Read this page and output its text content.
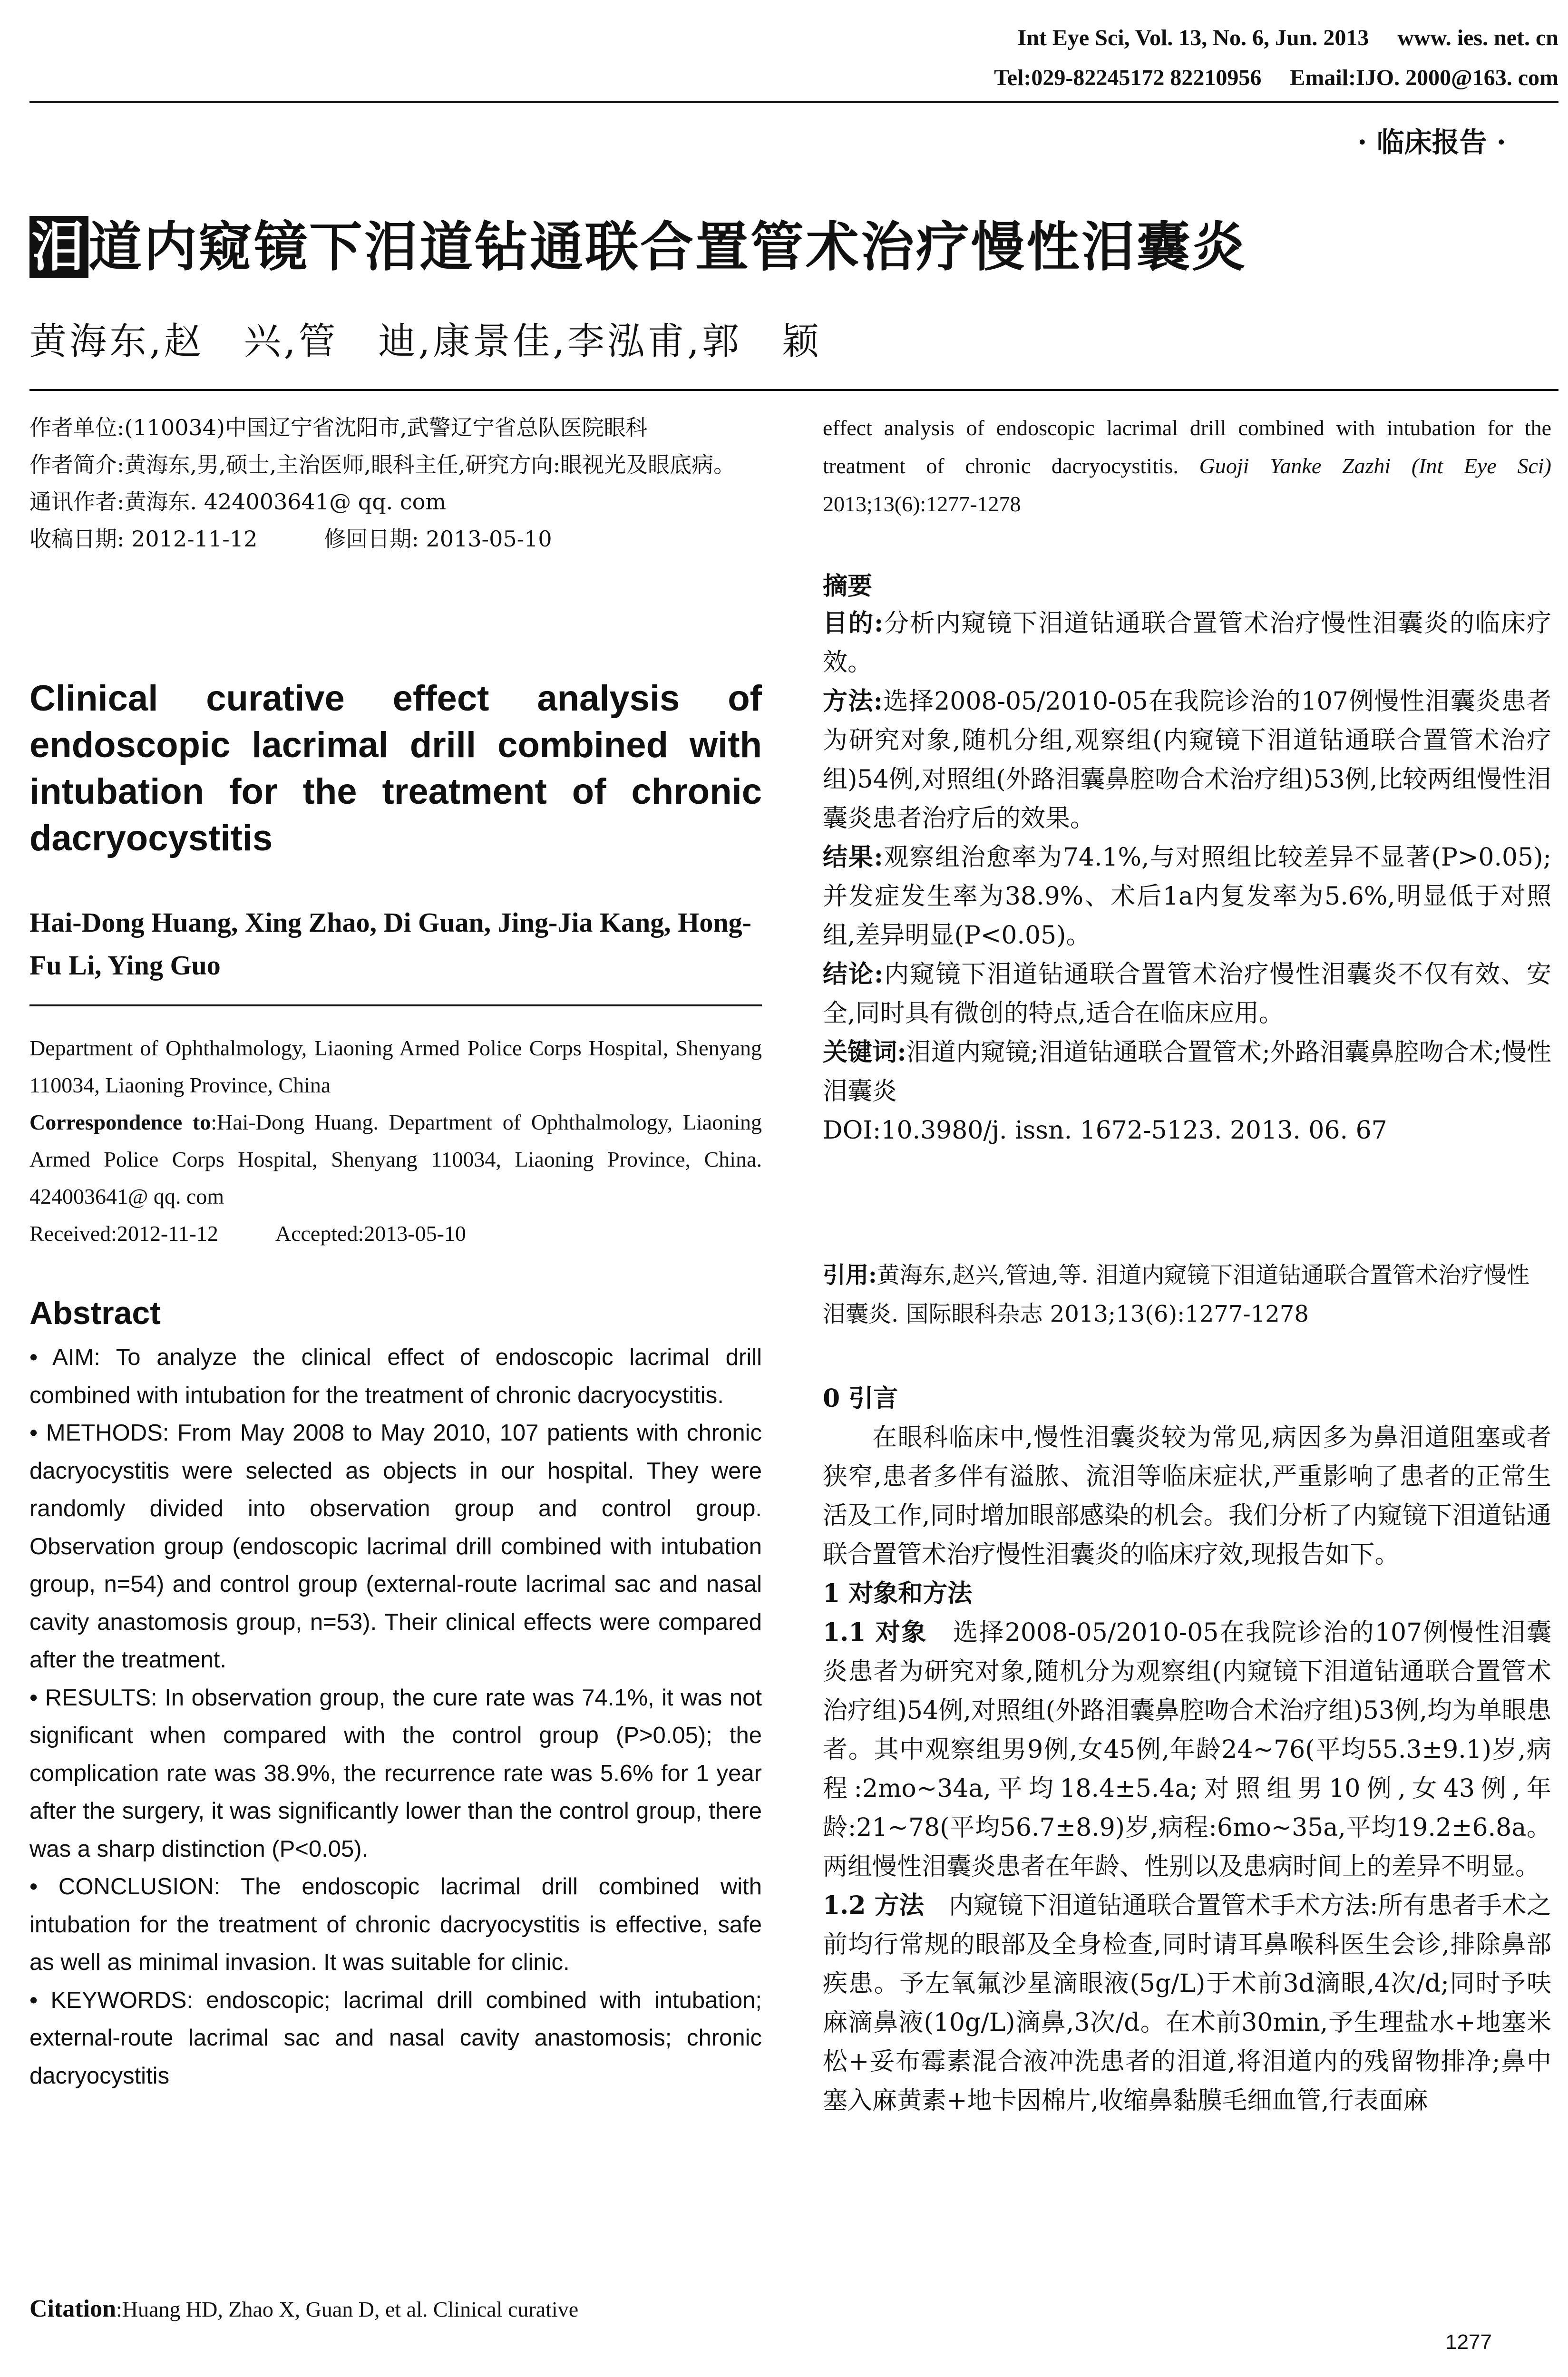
Int Eye Sci, Vol. 13, No. 6, Jun. 2013 www. ies. net. cn
Tel:029-82245172 82210956 Email:IJO. 2000@163. com
· 临床报告 ·
泪道内窥镜下泪道钻通联合置管术治疗慢性泪囊炎
黄海东,赵　兴,管　迪,康景佳,李泓甫,郭　颖
作者单位:(110034)中国辽宁省沈阳市,武警辽宁省总队医院眼科
作者简介:黄海东,男,硕士,主治医师,眼科主任,研究方向:眼视光及眼底病。
通讯作者:黄海东. 424003641@ qq. com
收稿日期: 2012-11-12	修回日期: 2013-05-10
Clinical curative effect analysis of endoscopic lacrimal drill combined with intubation for the treatment of chronic dacryocystitis
Hai-Dong Huang, Xing Zhao, Di Guan, Jing-Jia Kang, Hong-Fu Li, Ying Guo
Department of Ophthalmology, Liaoning Armed Police Corps Hospital, Shenyang 110034, Liaoning Province, China
Correspondence to:Hai-Dong Huang. Department of Ophthalmology, Liaoning Armed Police Corps Hospital, Shenyang 110034, Liaoning Province, China. 424003641@ qq. com
Received:2012-11-12	Accepted:2013-05-10
Abstract

• AIM: To analyze the clinical effect of endoscopic lacrimal drill combined with intubation for the treatment of chronic dacryocystitis.

• METHODS: From May 2008 to May 2010, 107 patients with chronic dacryocystitis were selected as objects in our hospital. They were randomly divided into observation group and control group. Observation group (endoscopic lacrimal drill combined with intubation group, n=54) and control group (external-route lacrimal sac and nasal cavity anastomosis group, n=53). Their clinical effects were compared after the treatment.

• RESULTS: In observation group, the cure rate was 74.1%, it was not significant when compared with the control group (P>0.05); the complication rate was 38.9%, the recurrence rate was 5.6% for 1 year after the surgery, it was significantly lower than the control group, there was a sharp distinction (P<0.05).

• CONCLUSION: The endoscopic lacrimal drill combined with intubation for the treatment of chronic dacryocystitis is effective, safe as well as minimal invasion. It was suitable for clinic.

• KEYWORDS: endoscopic; lacrimal drill combined with intubation; external-route lacrimal sac and nasal cavity anastomosis; chronic dacryocystitis

Citation:Huang HD, Zhao X, Guan D, et al. Clinical curative
effect analysis of endoscopic lacrimal drill combined with intubation for the treatment of chronic dacryocystitis. Guoji Yanke Zazhi (Int Eye Sci) 2013;13(6):1277-1278
摘要

目的:分析内窥镜下泪道钻通联合置管术治疗慢性泪囊炎的临床疗效。

方法:选择2008-05/2010-05在我院诊治的107例慢性泪囊炎患者为研究对象,随机分组,观察组(内窥镜下泪道钻通联合置管术治疗组)54例,对照组(外路泪囊鼻腔吻合术治疗组)53例,比较两组慢性泪囊炎患者治疗后的效果。

结果:观察组治愈率为74.1%,与对照组比较差异不显著(P>0.05);并发症发生率为38.9%、术后1a内复发率为5.6%,明显低于对照组,差异明显(P<0.05)。

结论:内窥镜下泪道钻通联合置管术治疗慢性泪囊炎不仅有效、安全,同时具有微创的特点,适合在临床应用。

关键词:泪道内窥镜;泪道钻通联合置管术;外路泪囊鼻腔吻合术;慢性泪囊炎

DOI:10.3980/j. issn. 1672-5123. 2013. 06. 67

引用:黄海东,赵兴,管迪,等. 泪道内窥镜下泪道钻通联合置管术治疗慢性泪囊炎. 国际眼科杂志 2013;13(6):1277-1278

0 引言

在眼科临床中,慢性泪囊炎较为常见,病因多为鼻泪道阻塞或者狭窄,患者多伴有溢脓、流泪等临床症状,严重影响了患者的正常生活及工作,同时增加眼部感染的机会。我们分析了内窥镜下泪道钻通联合置管术治疗慢性泪囊炎的临床疗效,现报告如下。

1 对象和方法

1.1 对象  选择2008-05/2010-05在我院诊治的107例慢性泪囊炎患者为研究对象,随机分为观察组(内窥镜下泪道钻通联合置管术治疗组)54例,对照组(外路泪囊鼻腔吻合术治疗组)53例,均为单眼患者。其中观察组男9例,女45例,年龄24~76(平均55.3±9.1)岁,病程:2mo~34a,平均18.4±5.4a;对照组男10例,女43例,年龄:21~78(平均56.7±8.9)岁,病程:6mo~35a,平均19.2±6.8a。两组慢性泪囊炎患者在年龄、性别以及患病时间上的差异不明显。

1.2 方法  内窥镜下泪道钻通联合置管术手术方法:所有患者手术之前均行常规的眼部及全身检查,同时请耳鼻喉科医生会诊,排除鼻部疾患。予左氧氟沙星滴眼液(5g/L)于术前3d滴眼,4次/d;同时予呋麻滴鼻液(10g/L)滴鼻,3次/d。在术前30min,予生理盐水+地塞米松+妥布霉素混合液冲洗患者的泪道,将泪道内的残留物排净;鼻中塞入麻黄素+地卡因棉片,收缩鼻黏膜毛细血管,行表面麻

1277
